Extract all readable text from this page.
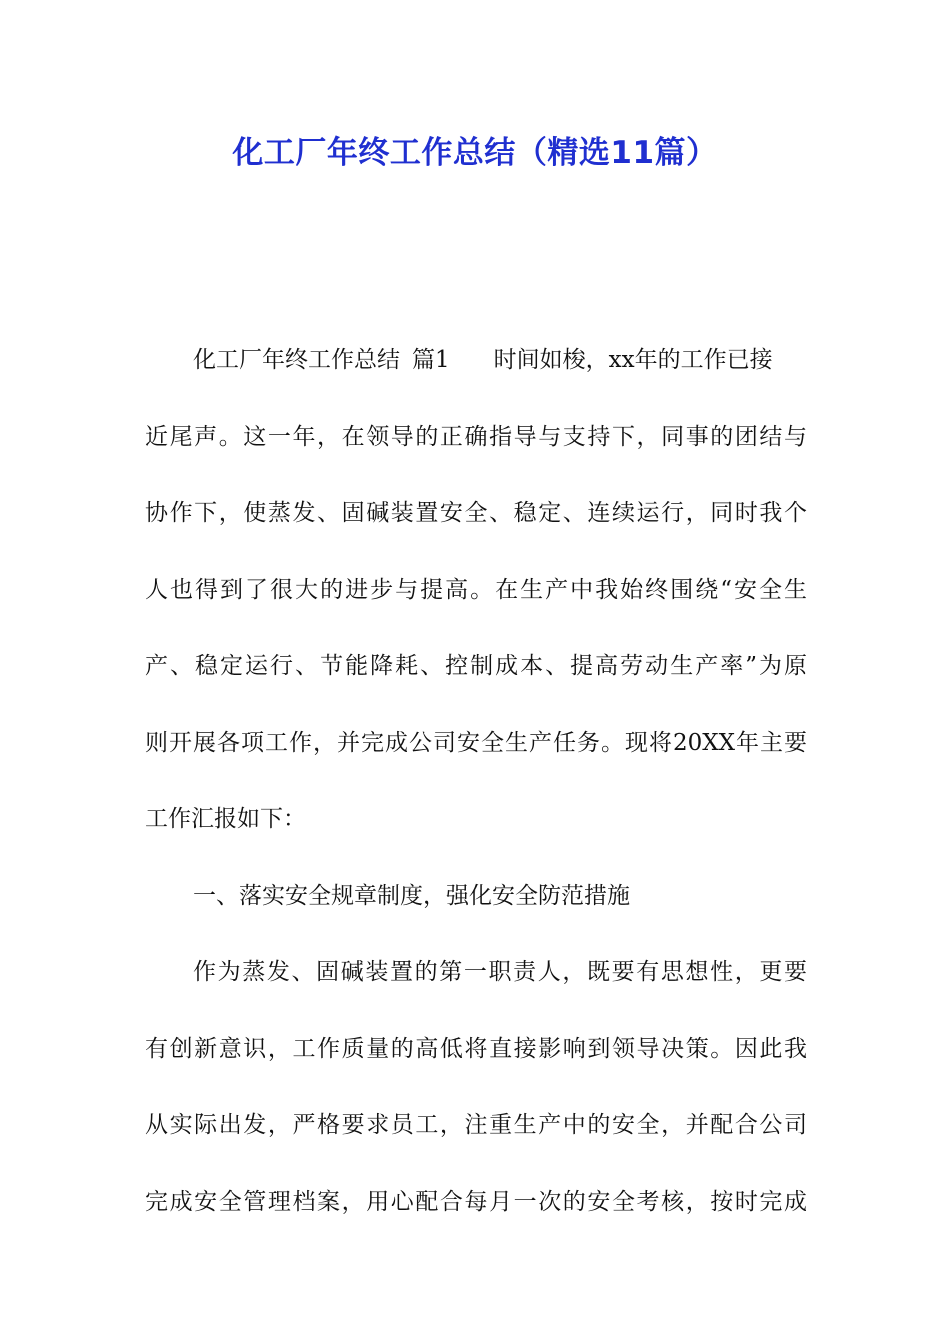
化工厂年终工作总结（精选11篇）
化工厂年终工作总结 篇1 时间如梭，xx年的工作已接
近尾声。这一年，在领导的正确指导与支持下，同事的团结与
协作下，使蒸发、固碱装置安全、稳定、连续运行，同时我个
人也得到了很大的进步与提高。在生产中我始终围绕“安全生
产、稳定运行、节能降耗、控制成本、提高劳动生产率”为原
则开展各项工作，并完成公司安全生产任务。现将20XX年主要
工作汇报如下：
一、落实安全规章制度，强化安全防范措施
作为蒸发、固碱装置的第一职责人，既要有思想性，更要
有创新意识，工作质量的高低将直接影响到领导决策。因此我
从实际出发，严格要求员工，注重生产中的安全，并配合公司
完成安全管理档案，用心配合每月一次的安全考核，按时完成
